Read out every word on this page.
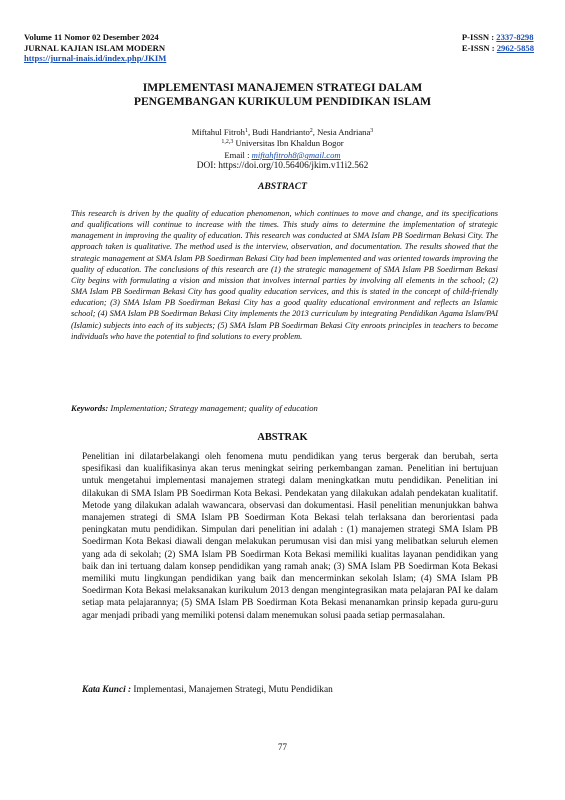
Volume 11 Nomor 02 Desember 2024
JURNAL KAJIAN ISLAM MODERN
https://jurnal-inais.id/index.php/JKIM
P-ISSN : 2337-8298
E-ISSN : 2962-5858
IMPLEMENTASI MANAJEMEN STRATEGI DALAM
PENGEMBANGAN KURIKULUM PENDIDIKAN ISLAM
Miftahul Fitroh$^1$, Budi Handrianto$^2$, Nesia Andriana$^3$
$^{1,2,3}$ Universitas Ibn Khaldun Bogor
Email : miftahfitroh8@gmail.com
DOI: https://doi.org/10.56406/jkim.v11i2.562
ABSTRACT

This research is driven by the quality of education phenomenon, which continues to move and change, and its specifications and qualifications will continue to increase with the times. This study aims to determine the implementation of strategic management in improving the quality of education. This research was conducted at SMA Islam PB Soedirman Bekasi City. The approach taken is qualitative. The method used is the interview, observation, and documentation. The results showed that the strategic management at SMA Islam PB Soedirman Bekasi City had been implemented and was oriented towards improving the quality of education. The conclusions of this research are (1) the strategic management of SMA Islam PB Soedirman Bekasi City begins with formulating a vision and mission that involves internal parties by involving all elements in the school; (2) SMA Islam PB Soedirman Bekasi City has good quality education services, and this is stated in the concept of child-friendly education; (3) SMA Islam PB Soedirman Bekasi City has a good quality educational environment and reflects an Islamic school; (4) SMA Islam PB Soedirman Bekasi City implements the 2013 curriculum by integrating Pendidikan Agama Islam/PAI (Islamic) subjects into each of its subjects; (5) SMA Islam PB Soedirman Bekasi City enroots principles in teachers to become individuals who have the potential to find solutions to every problem.

Keywords: Implementation; Strategy management; quality of education

ABSTRAK

Penelitian ini dilatarbelakangi oleh fenomena mutu pendidikan yang terus bergerak dan berubah, serta spesifikasi dan kualifikasinya akan terus meningkat seiring perkembangan zaman. Penelitian ini bertujuan untuk mengetahui implementasi manajemen strategi dalam meningkatkan mutu pendidikan. Penelitian ini dilakukan di SMA Islam PB Soedirman Kota Bekasi. Pendekatan yang dilakukan adalah pendekatan kualitatif. Metode yang dilakukan adalah wawancara, observasi dan dokumentasi. Hasil penelitian menunjukkan bahwa manajemen strategi di SMA Islam PB Soedirman Kota Bekasi telah terlaksana dan berorientasi pada peningkatan mutu pendidikan. Simpulan dari penelitian ini adalah : (1) manajemen strategi SMA Islam PB Soedirman Kota Bekasi diawali dengan melakukan perumusan visi dan misi yang melibatkan seluruh elemen yang ada di sekolah; (2) SMA Islam PB Soedirman Kota Bekasi memiliki kualitas layanan pendidikan yang baik dan ini tertuang dalam konsep pendidikan yang ramah anak; (3) SMA Islam PB Soedirman Kota Bekasi memiliki mutu lingkungan pendidikan yang baik dan mencerminkan sekolah Islam; (4) SMA Islam PB Soedirman Kota Bekasi melaksanakan kurikulum 2013 dengan mengintegrasikan mata pelajaran PAI ke dalam setiap mata pelajarannya; (5) SMA Islam PB Soedirman Kota Bekasi menanamkan prinsip kepada guru-guru agar menjadi pribadi yang memiliki potensi dalam menemukan solusi paada setiap permasalahan.

Kata Kunci : Implementasi, Manajemen Strategi, Mutu Pendidikan

77
